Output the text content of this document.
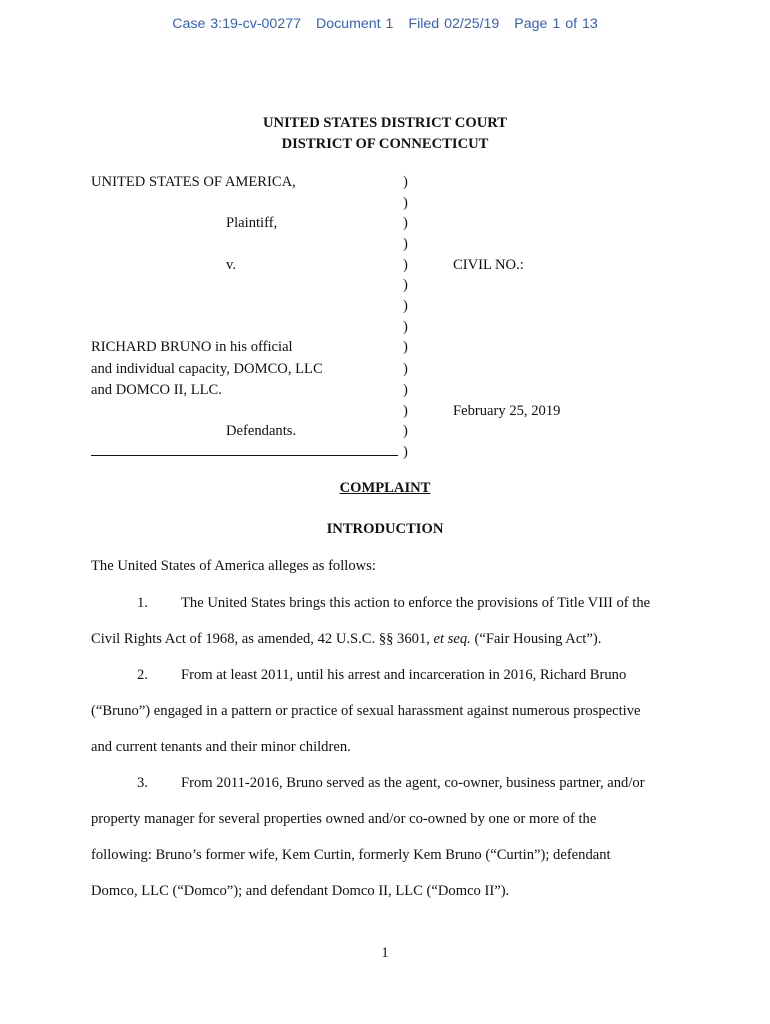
Case 3:19-cv-00277 Document 1 Filed 02/25/19 Page 1 of 13
UNITED STATES DISTRICT COURT
DISTRICT OF CONNECTICUT
UNITED STATES OF AMERICA,
Plaintiff,
v.
RICHARD BRUNO in his official
and individual capacity, DOMCO, LLC
and DOMCO II, LLC.
Defendants.
CIVIL NO.:
February 25, 2019
)
)
)
)
)
)
)
)
)
)
)
)
)
)
COMPLAINT
INTRODUCTION
The United States of America alleges as follows:
1. The United States brings this action to enforce the provisions of Title VIII of the
Civil Rights Act of 1968, as amended, 42 U.S.C. §§ 3601, et seq. (“Fair Housing Act”).
2. From at least 2011, until his arrest and incarceration in 2016, Richard Bruno
(“Bruno”) engaged in a pattern or practice of sexual harassment against numerous prospective
and current tenants and their minor children.
3. From 2011-2016, Bruno served as the agent, co-owner, business partner, and/or
property manager for several properties owned and/or co-owned by one or more of the
following: Bruno’s former wife, Kem Curtin, formerly Kem Bruno (“Curtin”); defendant
Domco, LLC (“Domco”); and defendant Domco II, LLC (“Domco II”).
1
